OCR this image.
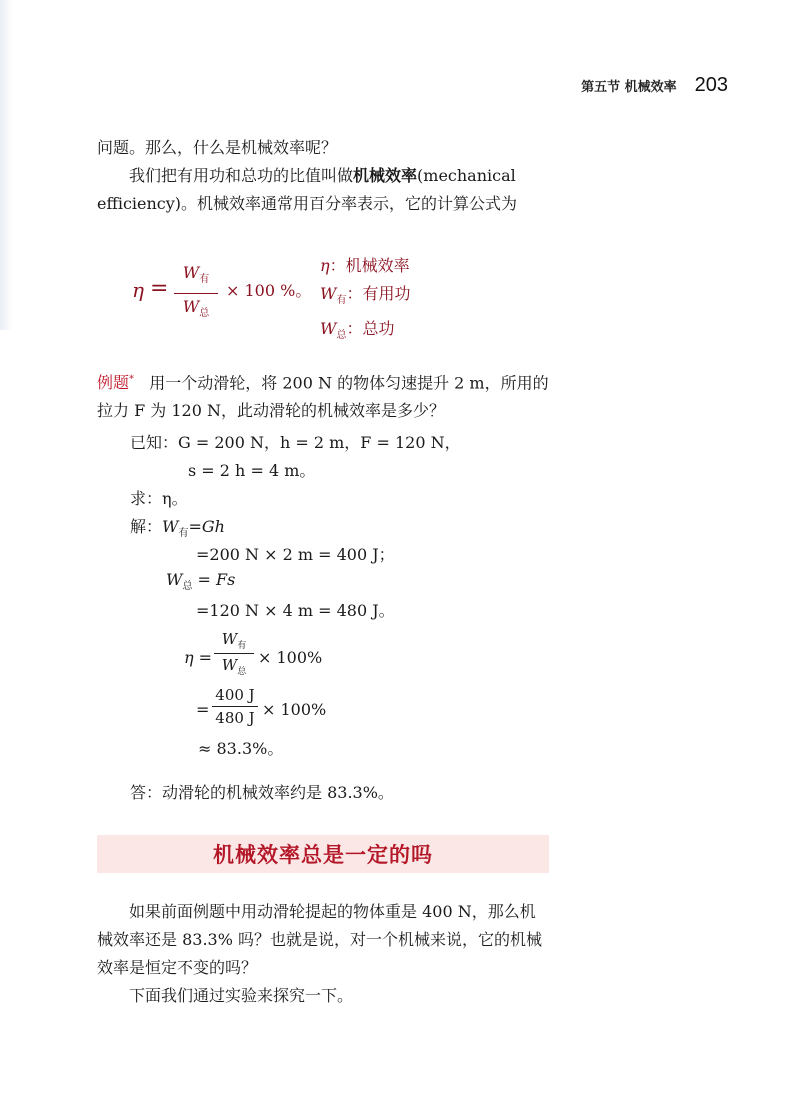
第五节 机械效率 203

问题。那么，什么是机械效率呢？

我们把有用功和总功的比值叫做机械效率(mechanical efficiency)。机械效率通常用百分率表示，它的计算公式为

η =
$W_有$
$W_总$
× 100 %。
η：机械效率
$W_有$：有用功
$W_总$：总功

例题* 用一个动滑轮，将 200 N 的物体匀速提升 2 m，所用的拉力 F 为 120 N，此动滑轮的机械效率是多少？

已知：G = 200 N，h = 2 m，F = 120 N，
s = 2 h = 4 m。
求：η。
解：$W_有=Gh$
=200 N × 2 m = 400 J；
$W_总 = Fs$
=120 N × 4 m = 480 J。
η =
$W_有$
$W_总$
× 100%
=
400 J
480 J × 100%
≈ 83.3%。
答：动滑轮的机械效率约是 83.3%。
机械效率总是一定的吗

如果前面例题中用动滑轮提起的物体重是 400 N，那么机械效率还是 83.3% 吗？也就是说，对一个机械来说，它的机械效率是恒定不变的吗？

下面我们通过实验来探究一下。
